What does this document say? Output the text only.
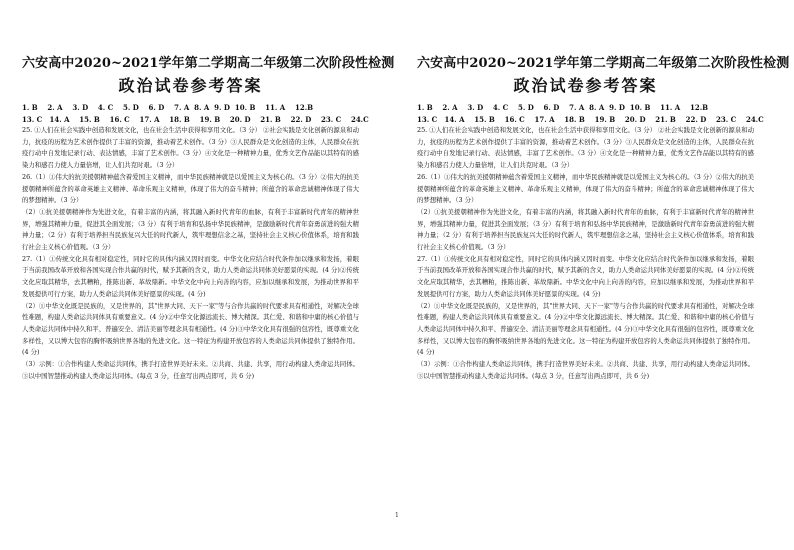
六安高中2020~2021学年第二学期高二年级第二次阶段性检测
政治试卷参考答案
1. B    2. A    3. D    4. C    5. D    6. D    7. A  8. A  9. D  10. B    11. A    12.B
13. C   14. A    15. B    16. C    17. A    18. B    19. B    20. D    21. B    22. D    23. C    24.C

25. ①人们在社会实践中创造和发展文化，也在社会生活中获得和享用文化。（3 分） ②社会实践是文化创新的源泉和动力，抗疫的历程为艺术创作提供了丰富的资源，推动着艺术创作。（3 分）③人民群众是文化创造的主体，人民群众在抗疫行动中自发地记录行动、表达情感，丰富了艺术创作。（3 分）④文化是一种精神力量，优秀文艺作品能以其特有的感染力和感召力使人力量倍增，让人们共克时艰。（3 分）

26.（1）①伟大的抗美援朝精神蕴含着爱国主义精神，而中华民族精神就是以爱国主义为核心的。（3 分）②伟大的抗美援朝精神所蕴含的革命英雄主义精神、革命乐观主义精神，体现了伟大的奋斗精神；所蕴含的革命忠诚精神体现了伟大的梦想精神。（3 分）

（2）①抗美援朝精神作为先进文化，有着丰富的内涵，将其融入新时代青年的血脉，有利于丰富新时代青年的精神世界，增强其精神力量，促进其全面发展；（3 分）有利于培育和弘扬中华民族精神，是激励新时代青年奋勇前进的强大精神力量；（2 分）有利于培养担当民族复兴大任的时代新人，筑牢理想信念之基，坚持社会主义核心价值体系，培育和践行社会主义核心价值观。（3 分）

27.（1）①传统文化具有相对稳定性，同时它的具体内涵又因时而变。中华文化应结合时代条件加以继承和发扬，着眼于当前我国改革开放和各国实现合作共赢的时代，赋予其新的含义，助力人类命运共同体美好愿景的实现。(4 分)②传统文化应取其精华，去其糟粕，推陈出新、革故鼎新。中华文化中向上向善的内容，应加以继承和发展，为推动世界和平发展提供可行方案，助力人类命运共同体美好愿景的实现。(4 分)

（2）①中华文化既是民族的，又是世界的，其"世界大同、天下一家"等与合作共赢的时代要求具有相通性，对解决全球性难题，构建人类命运共同体具有重要意义。(4 分)②中华文化源远流长、博大精深。其仁爱、和谐和中庸的核心价值与人类命运共同体中持久和平、普遍安全、清洁美丽等理念具有相通性。(4 分)③中华文化具有很强的包容性，既尊重文化多样性，又以博大包容的胸怀吸纳世界各地的先进文化。这一特征为构建开放包容的人类命运共同体提供了独特作用。(4 分)

（3）示例：①合作构建人类命运共同体，携手打造世界美好未来。②共商、共建、共享，用行动构建人类命运共同体。③以中国智慧推动构建人类命运共同体。(每点 3 分，任意写出两点即可，共 6 分)

六安高中2020~2021学年第二学期高二年级第二次阶段性检测
政治试卷参考答案
1. B    2. A    3. D    4. C    5. D    6. D    7. A  8. A  9. D  10. B    11. A    12.B
13. C   14. A    15. B    16. C    17. A    18. B    19. B    20. D    21. B    22. D    23. C    24.C

25. ①人们在社会实践中创造和发展文化，也在社会生活中获得和享用文化。（3 分） ②社会实践是文化创新的源泉和动力，抗疫的历程为艺术创作提供了丰富的资源，推动着艺术创作。（3 分）③人民群众是文化创造的主体，人民群众在抗疫行动中自发地记录行动、表达情感，丰富了艺术创作。（3 分）④文化是一种精神力量，优秀文艺作品能以其特有的感染力和感召力使人力量倍增，让人们共克时艰。（3 分）

26.（1）①伟大的抗美援朝精神蕴含着爱国主义精神，而中华民族精神就是以爱国主义为核心的。（3 分）②伟大的抗美援朝精神所蕴含的革命英雄主义精神、革命乐观主义精神，体现了伟大的奋斗精神；所蕴含的革命忠诚精神体现了伟大的梦想精神。（3 分）

（2）①抗美援朝精神作为先进文化，有着丰富的内涵，将其融入新时代青年的血脉，有利于丰富新时代青年的精神世界，增强其精神力量，促进其全面发展；（3 分）有利于培育和弘扬中华民族精神，是激励新时代青年奋勇前进的强大精神力量；（2 分）有利于培养担当民族复兴大任的时代新人，筑牢理想信念之基，坚持社会主义核心价值体系，培育和践行社会主义核心价值观。（3 分）

27.（1）①传统文化具有相对稳定性，同时它的具体内涵又因时而变。中华文化应结合时代条件加以继承和发扬，着眼于当前我国改革开放和各国实现合作共赢的时代，赋予其新的含义，助力人类命运共同体美好愿景的实现。(4 分)②传统文化应取其精华，去其糟粕，推陈出新、革故鼎新。中华文化中向上向善的内容，应加以继承和发展，为推动世界和平发展提供可行方案，助力人类命运共同体美好愿景的实现。(4 分)

（2）①中华文化既是民族的，又是世界的，其"世界大同、天下一家"等与合作共赢的时代要求具有相通性，对解决全球性难题，构建人类命运共同体具有重要意义。(4 分)②中华文化源远流长、博大精深。其仁爱、和谐和中庸的核心价值与人类命运共同体中持久和平、普遍安全、清洁美丽等理念具有相通性。(4 分)③中华文化具有很强的包容性，既尊重文化多样性，又以博大包容的胸怀吸纳世界各地的先进文化。这一特征为构建开放包容的人类命运共同体提供了独特作用。(4 分)

（3）示例：①合作构建人类命运共同体，携手打造世界美好未来。②共商、共建、共享，用行动构建人类命运共同体。③以中国智慧推动构建人类命运共同体。(每点 3 分，任意写出两点即可，共 6 分)

1
